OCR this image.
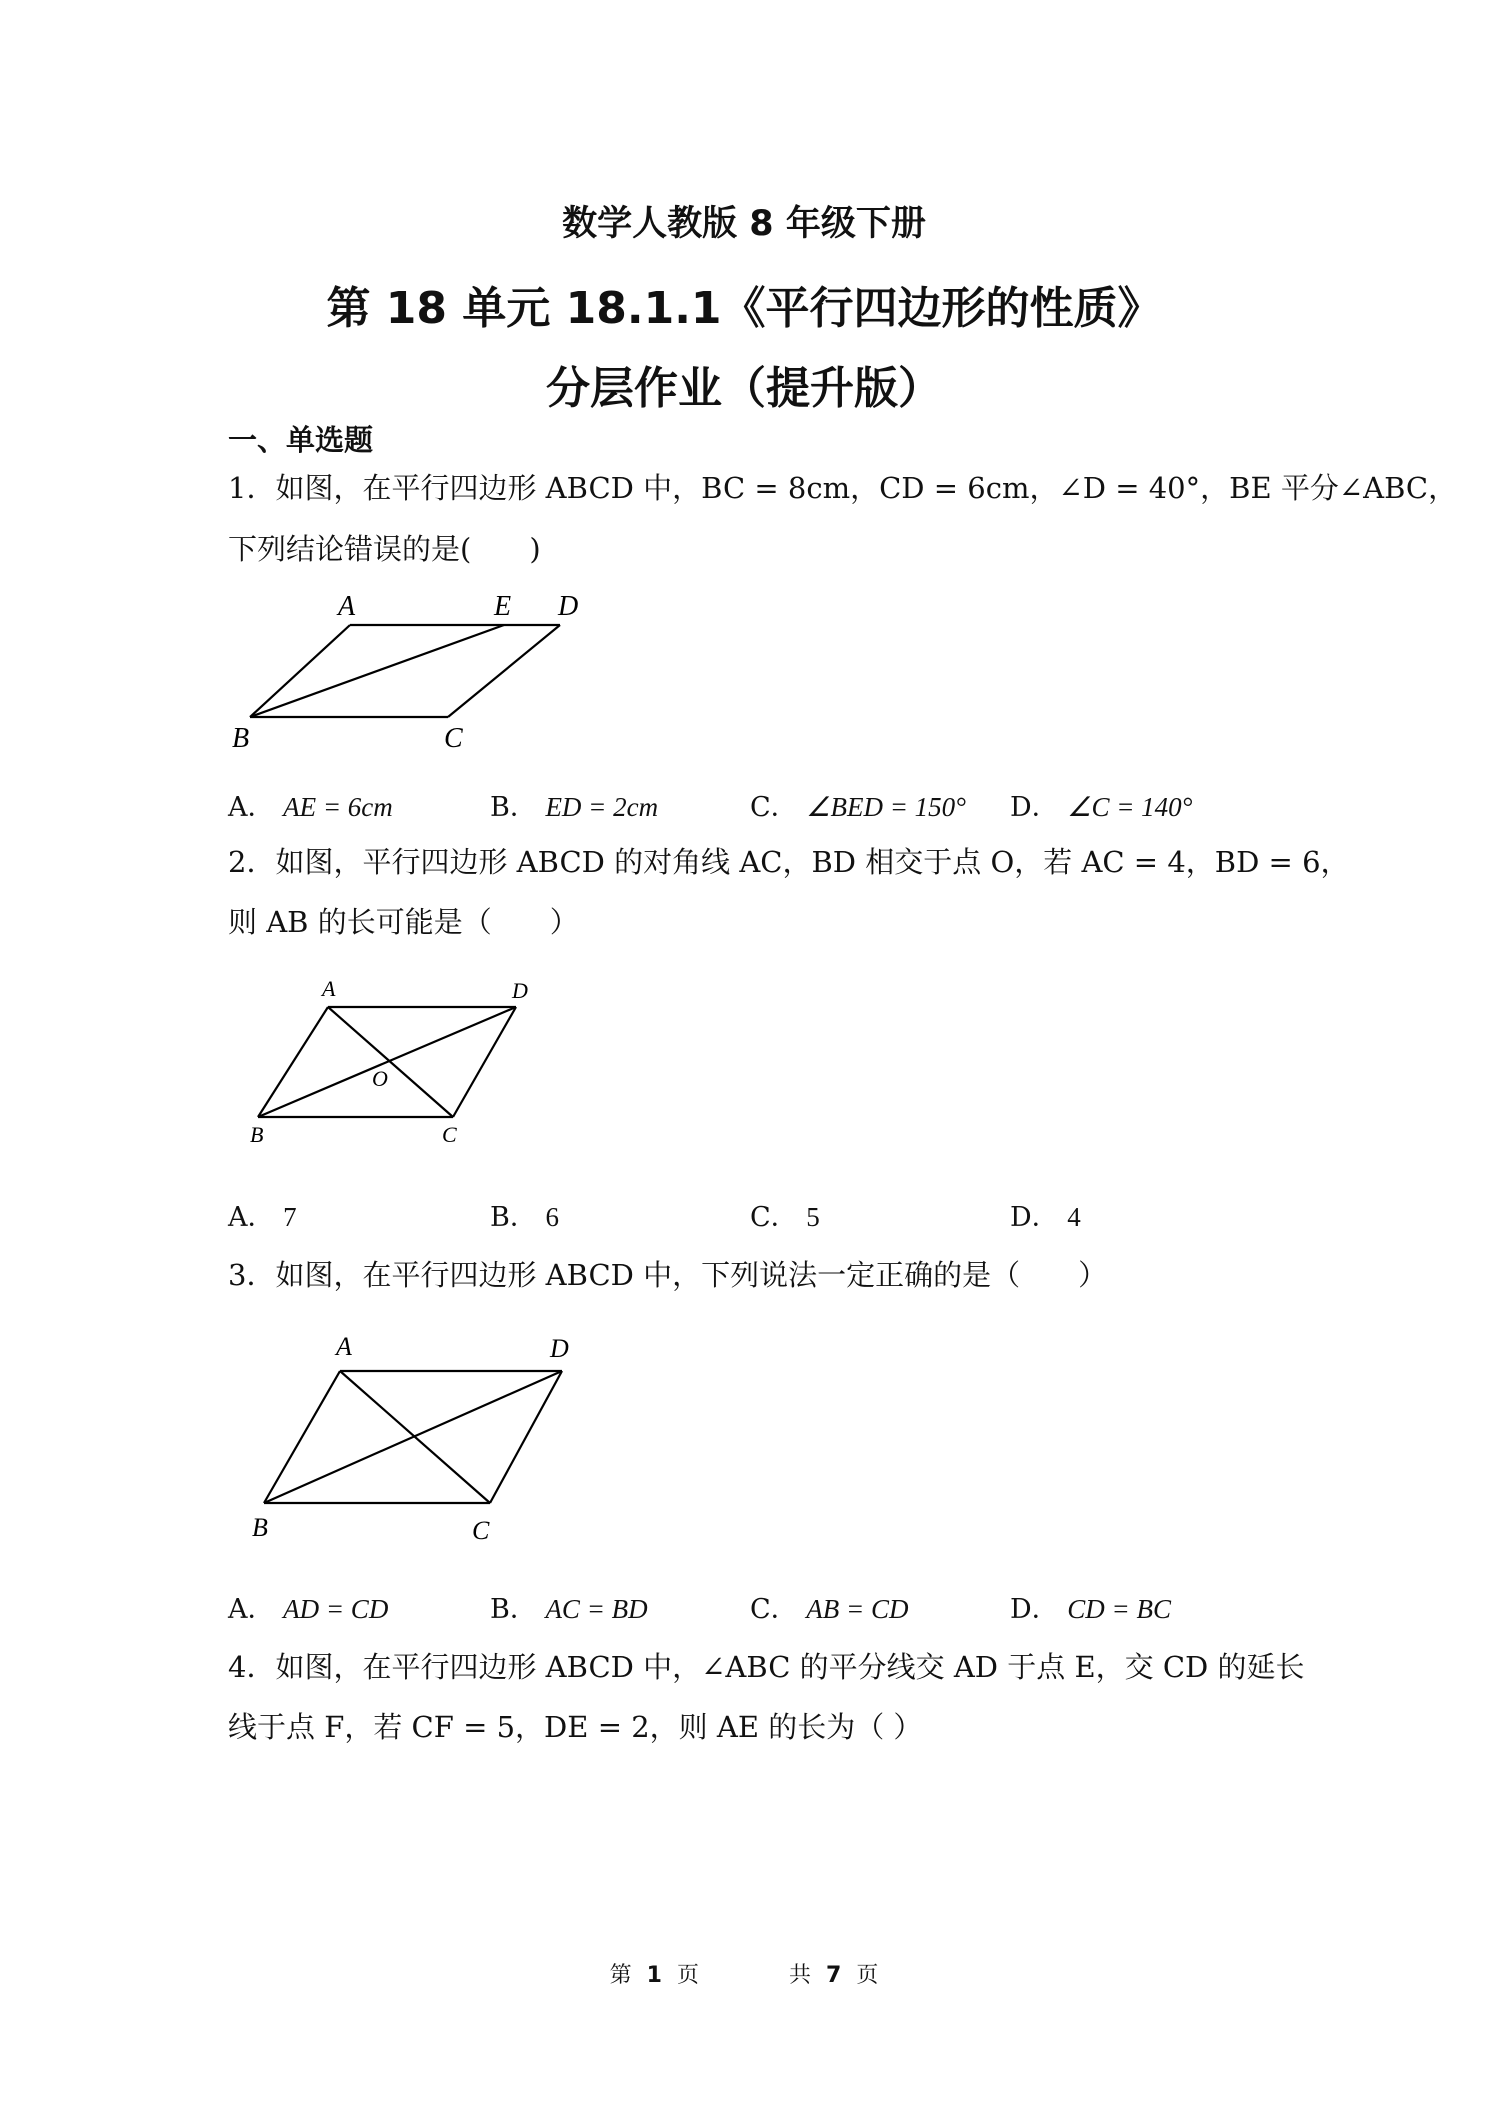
数学人教版 8 年级下册
第 18 单元 18.1.1《平行四边形的性质》
分层作业（提升版）
一、单选题
1．如图，在平行四边形 ABCD 中，BC = 8cm，CD = 6cm，∠D = 40°，BE 平分∠ABC，
下列结论错误的是(　　)
A	E D
B	C
A． AE = 6cm	B． ED = 2cm	C． ∠BED = 150° D． ∠C = 140°
2．如图，平行四边形 ABCD 的对角线 AC，BD 相交于点 O，若 AC = 4，BD = 6，
则 AB 的长可能是（　　）
A	D
O
B	C
A． 7	B． 6	C． 5	D． 4
3．如图，在平行四边形 ABCD 中，下列说法一定正确的是（　　）
A	D
B	C
A． AD = CD	B． AC = BD	C． AB = CD	D． CD = BC
4．如图，在平行四边形 ABCD 中，∠ABC 的平分线交 AD 于点 E，交 CD 的延长
线于点 F，若 CF = 5，DE = 2，则 AE 的长为（ ）
第 1 页	共 7 页
